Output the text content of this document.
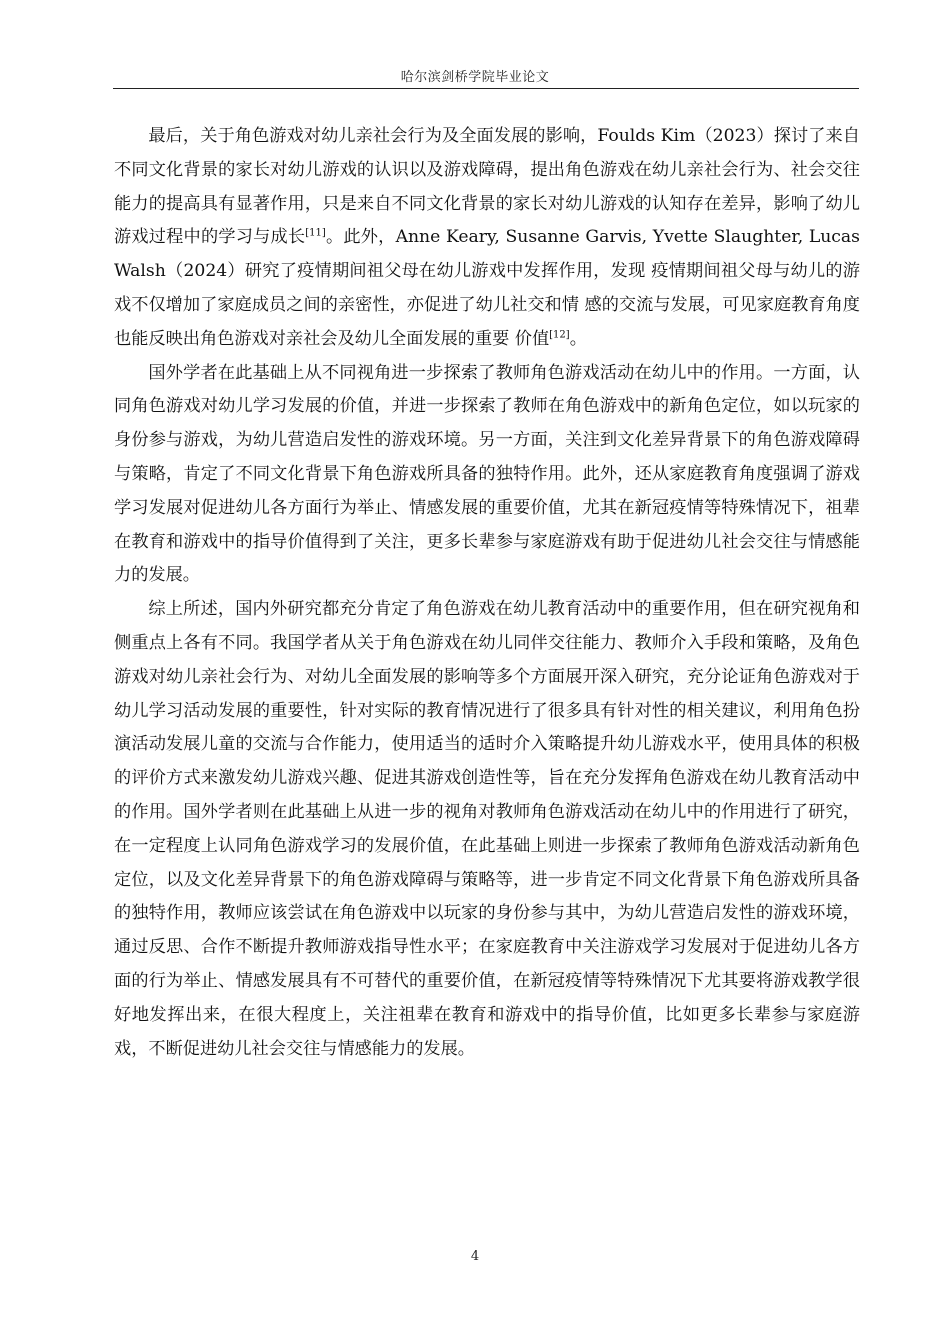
哈尔滨剑桥学院毕业论文

最后，关于角色游戏对幼儿亲社会行为及全面发展的影响，Foulds Kim（2023）探讨了来自不同文化背景的家长对幼儿游戏的认识以及游戏障碍，提出角色游戏在幼儿亲社会行为、社会交往能力的提高具有显著作用，只是来自不同文化背景的家长对幼儿游戏的认知存在差异，影响了幼儿游戏过程中的学习与成长[11]。此外，Anne Keary, Susanne Garvis, Yvette Slaughter, Lucas Walsh（2024）研究了疫情期间祖父母在幼儿游戏中发挥作用，发现 疫情期间祖父母与幼儿的游戏不仅增加了家庭成员之间的亲密性，亦促进了幼儿社交和情 感的交流与发展，可见家庭教育角度也能反映出角色游戏对亲社会及幼儿全面发展的重要 价值[12]。

国外学者在此基础上从不同视角进一步探索了教师角色游戏活动在幼儿中的作用。一方面，认同角色游戏对幼儿学习发展的价值，并进一步探索了教师在角色游戏中的新角色定位，如以玩家的身份参与游戏，为幼儿营造启发性的游戏环境。另一方面，关注到文化差异背景下的角色游戏障碍与策略，肯定了不同文化背景下角色游戏所具备的独特作用。此外，还从家庭教育角度强调了游戏学习发展对促进幼儿各方面行为举止、情感发展的重要价值，尤其在新冠疫情等特殊情况下，祖辈在教育和游戏中的指导价值得到了关注，更多长辈参与家庭游戏有助于促进幼儿社会交往与情感能力的发展。

综上所述，国内外研究都充分肯定了角色游戏在幼儿教育活动中的重要作用，但在研究视角和侧重点上各有不同。我国学者从关于角色游戏在幼儿同伴交往能力、教师介入手段和策略，及角色游戏对幼儿亲社会行为、对幼儿全面发展的影响等多个方面展开深入研究，充分论证角色游戏对于幼儿学习活动发展的重要性，针对实际的教育情况进行了很多具有针对性的相关建议，利用角色扮演活动发展儿童的交流与合作能力，使用适当的适时介入策略提升幼儿游戏水平，使用具体的积极的评价方式来激发幼儿游戏兴趣、促进其游戏创造性等，旨在充分发挥角色游戏在幼儿教育活动中的作用。国外学者则在此基础上从进一步的视角对教师角色游戏活动在幼儿中的作用进行了研究，在一定程度上认同角色游戏学习的发展价值，在此基础上则进一步探索了教师角色游戏活动新角色定位，以及文化差异背景下的角色游戏障碍与策略等，进一步肯定不同文化背景下角色游戏所具备的独特作用，教师应该尝试在角色游戏中以玩家的身份参与其中，为幼儿营造启发性的游戏环境，通过反思、合作不断提升教师游戏指导性水平；在家庭教育中关注游戏学习发展对于促进幼儿各方面的行为举止、情感发展具有不可替代的重要价值，在新冠疫情等特殊情况下尤其要将游戏教学很好地发挥出来，在很大程度上，关注祖辈在教育和游戏中的指导价值，比如更多长辈参与家庭游戏，不断促进幼儿社会交往与情感能力的发展。

4
